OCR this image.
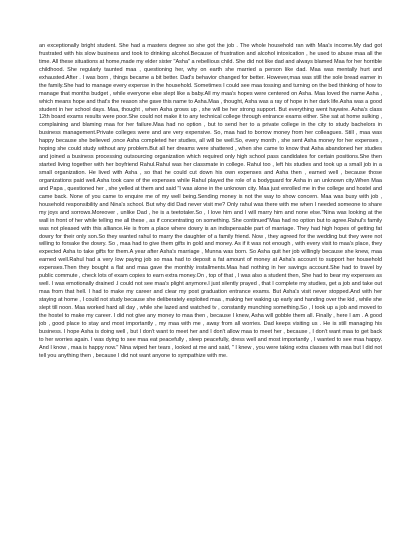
an exceptionally bright student. She had a masters degree so she got the job . The whole household ran with Maa's income.My dad got frustrated with his slow business and took to drinking alcohol.Because of frustration and alcohol intoxication , he used to abuse maa all the time. All these situations at home,made my elder sister "Asha" a rebellious child. She did not like dad and always blamed Maa for her horrible childhood. She regularly taunted maa , questioning her, why on earth she married a person like dad. Maa was mentally hurt and exhausted.After . I was born , things became a bit better. Dad's behavior changed for better. However,maa was still the sole bread earner in the family.She had to manage every expense in the household. Sometimes I could see maa tossing and turning on the bed thinking of how to manage that months budget , while everyone else slept like a baby.All my maa's hopes were centered on Asha. Maa loved the name Asha , which means hope and that's the reason she gave this name to Asha.Maa , thought, Asha was a ray of hope in her dark life.Asha was a good student in her school days. Maa, thought , when Asha grows up , she will be her strong support. But everything went haywire. Asha's class 12th board exams results were poor.She could not make it to any technical college through entrance exams either. She sat at home sulking , complaining and blaming maa for her failure.Maa had no option , but to send her to a private college in the city to study bachelors in business management.Private colleges were and are very expensive. So, maa had to borrow money from her colleagues. Still , maa was happy because she believed ,once Asha completed her studies, all will be well.So, every month , she sent Asha money for her expenses , hoping she could study without any problem.But all her dreams were shattered , when she came to know that Asha abandoned her studies and joined a business processing outsourcing organization which required only high school pass candidates for certain positions.She then started living together with her boyfriend Rahul.Rahul was her classmate in college. Rahul too , left his studies and took up a small job in a small organization. He lived with Asha , so that he could cut down his own expenses and Asha then , earned well , because those organizations paid well.Asha took care of the expenses while Rahul played the role of a bodyguard for Asha in an unknown city.When Maa and Papa , questioned her , she yelled at them and said "I was alone in the unknown city. Maa just enrolled me in the college and hostel and came back. None of you came to enquire me of my well being.Sending money is not the way to show concern. Maa was busy with job , household responsibility and Nina's school. But why did Dad never visit me? Only rahul was there with me when I needed someone to share my joys and sorrows.Moreover , unlike Dad , he is a teetotaler.So , I love him and I will marry him and none else."Nina was looking at the wall in front of her while telling me all these , as if concentrating on something. She continued"Maa had no option but to agree.Rahul's family was not pleased with this alliance.He is from a place where dowry is an indispensable part of marriage. They had high hopes of getting fat dowry for their only son.So they wanted rahul to marry the daughter of a family friend. Now , they agreed for the wedding but they were not willing to forsake the dowry. So , maa had to give them gifts in gold and money. As if it was not enough , with every visit to maa's place, they expected Asha to take gifts for them.A year after Asha's marriage , Munna was born. So Asha quit her job willingly because she knew, maa earned well.Rahul had a very low paying job so maa had to deposit a fat amount of money at Asha's account to support her household expenses.Then they bought a flat and maa gave the monthly installments.Maa had nothing in her savings account.She had to travel by public commute , check lots of exam copies to earn extra money.On , top of that , I was also a student then, She had to bear my expenses as well. I was emotionally drained .I could not see maa's plight anymore.I just silently prayed , that I complete my studies, get a job and take out maa from that hell. I had to make my career and clear my post graduation entrance exams. But Asha's visit never stopped.And with her staying at home , I could not study because she deliberately exploited maa , making her waking up early and handing over the kid , while she slept till noon. Maa worked hard all day , while she lazed and watched tv , constantly munching something.So , I took up a job and moved to the hostel to make my career. I did not give any money to maa then , because I knew, Asha will gobble them all. Finally , here I am . A good job , good place to stay and most importantly , my maa with me , away from all worries. Dad keeps visiting us . He is still managing his business. I hope Asha is doing well , but I don't want to meet her and I don't allow maa to meet her , because , I don't want maa to get back to her worries again. I was dying to see maa eat peacefully , sleep peacefully, dress well and most importantly , I wanted to see maa happy. And I know , maa is happy now." Nina wiped her tears , looked at me and said, " I knew , you were taking extra classes with maa but I did not tell you anything then , because I did not want anyone to sympathize with me.
